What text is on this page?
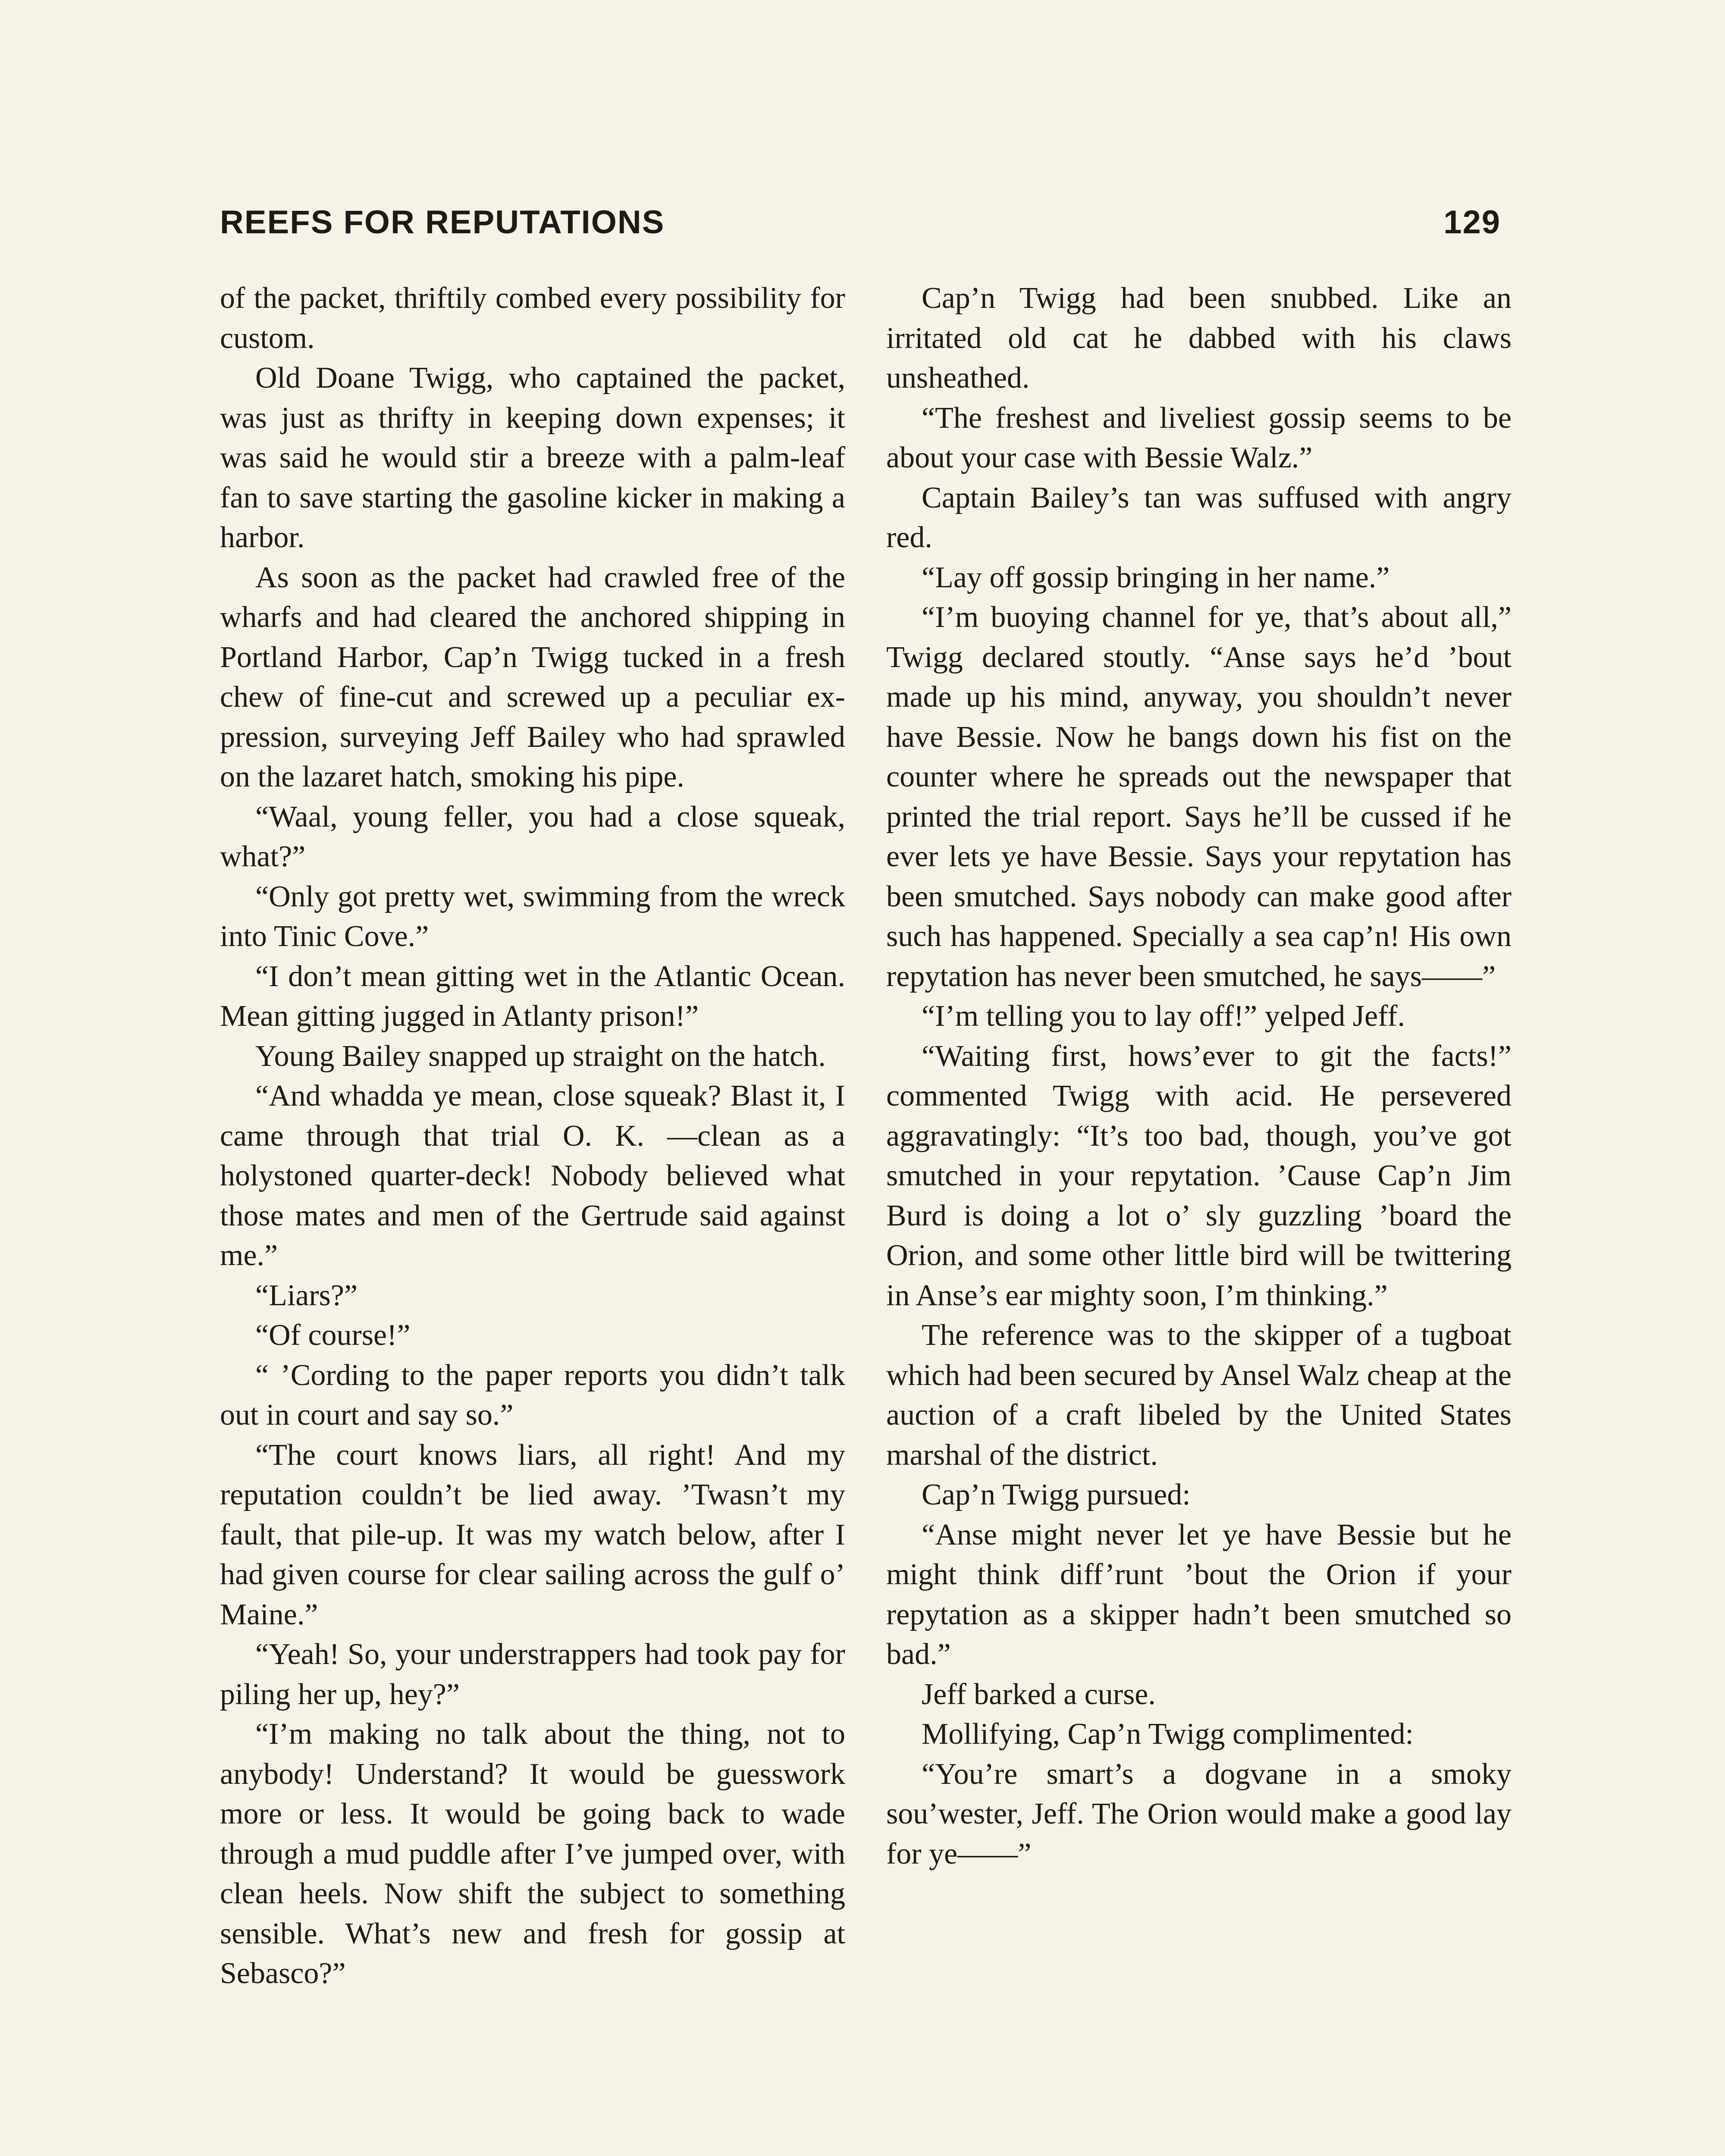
REEFS FOR REPUTATIONS	129

of the packet, thriftily combed every possibility for custom.

Old Doane Twigg, who captained the packet, was just as thrifty in keeping down expenses; it was said he would stir a breeze with a palm-leaf fan to save starting the gasoline kicker in making a harbor.

As soon as the packet had crawled free of the wharfs and had cleared the anchored shipping in Portland Harbor, Cap’n Twigg tucked in a fresh chew of fine-cut and screwed up a peculiar expression, surveying Jeff Bailey who had sprawled on the lazaret hatch, smoking his pipe.

“Waal, young feller, you had a close squeak, what?”

“Only got pretty wet, swimming from the wreck into Tinic Cove.”

“I don’t mean gitting wet in the Atlantic Ocean. Mean gitting jugged in Atlanty prison!”

Young Bailey snapped up straight on the hatch.

“And whadda ye mean, close squeak? Blast it, I came through that trial O. K. —clean as a holystoned quarter-deck! Nobody believed what those mates and men of the Gertrude said against me.”

“Liars?”

“Of course!”

“ ’Cording to the paper reports you didn’t talk out in court and say so.”

“The court knows liars, all right! And my reputation couldn’t be lied away. ’Twasn’t my fault, that pile-up. It was my watch below, after I had given course for clear sailing across the gulf o’ Maine.”

“Yeah! So, your understrappers had took pay for piling her up, hey?”

“I’m making no talk about the thing, not to anybody! Understand? It would be guesswork more or less. It would be going back to wade through a mud puddle after I’ve jumped over, with clean heels. Now shift the subject to something sensible. What’s new and fresh for gossip at Sebasco?”

Cap’n Twigg had been snubbed. Like an irritated old cat he dabbed with his claws unsheathed.

“The freshest and liveliest gossip seems to be about your case with Bessie Walz.”

Captain Bailey’s tan was suffused with angry red.

“Lay off gossip bringing in her name.”

“I’m buoying channel for ye, that’s about all,” Twigg declared stoutly. “Anse says he’d ’bout made up his mind, anyway, you shouldn’t never have Bessie. Now he bangs down his fist on the counter where he spreads out the newspaper that printed the trial report. Says he’ll be cussed if he ever lets ye have Bessie. Says your repytation has been smutched. Says nobody can make good after such has happened. Specially a sea cap’n! His own repytation has never been smutched, he says——”

“I’m telling you to lay off!” yelped Jeff.

“Waiting first, hows’ever to git the facts!” commented Twigg with acid. He persevered aggravatingly: “It’s too bad, though, you’ve got smutched in your repytation. ’Cause Cap’n Jim Burd is doing a lot o’ sly guzzling ’board the Orion, and some other little bird will be twittering in Anse’s ear mighty soon, I’m thinking.”

The reference was to the skipper of a tugboat which had been secured by Ansel Walz cheap at the auction of a craft libeled by the United States marshal of the district.

Cap’n Twigg pursued:

“Anse might never let ye have Bessie but he might think diff’runt ’bout the Orion if your repytation as a skipper hadn’t been smutched so bad.”

Jeff barked a curse.

Mollifying, Cap’n Twigg complimented:

“You’re smart’s a dogvane in a smoky sou’wester, Jeff. The Orion would make a good lay for ye——”
